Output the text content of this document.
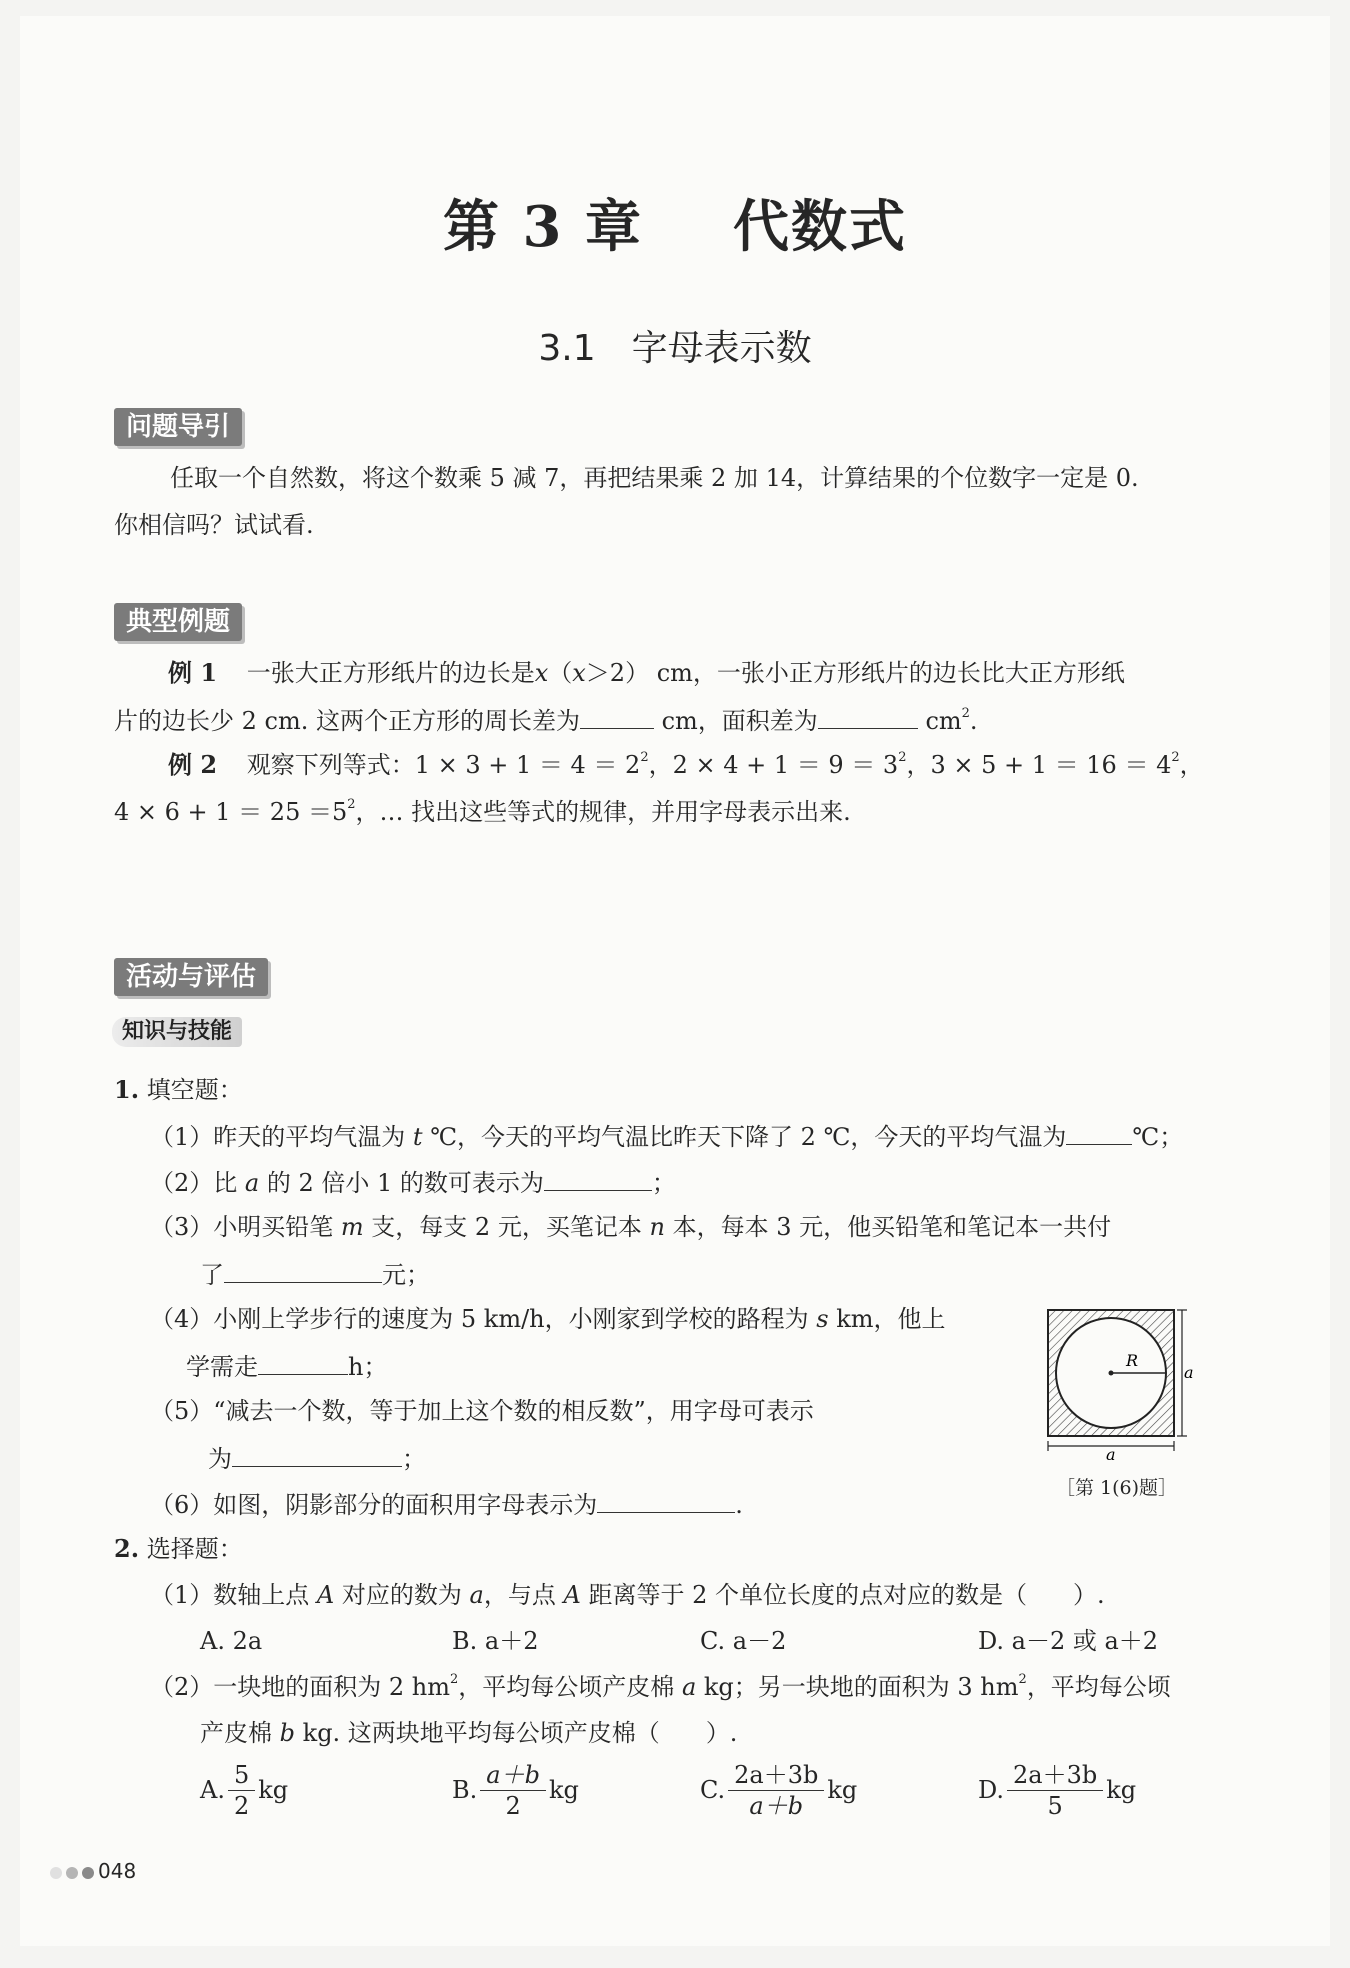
第 3 章 代数式
3.1 字母表示数
问题导引
任取一个自然数，将这个数乘 5 减 7，再把结果乘 2 加 14，计算结果的个位数字一定是 0.
你相信吗？试试看.
典型例题
例 1 一张大正方形纸片的边长是x（x＞2） cm，一张小正方形纸片的边长比大正方形纸
片的边长少 2 cm. 这两个正方形的周长差为	cm，面积差为	$cm^2$.
例 2 观察下列等式：$1 \times 3 + 1 = 4 = 2^2$，$2 \times 4 + 1 = 9 = 3^2$，$3 \times 5 + 1 = 16 = 4^2$，
$4 \times 6 + 1 = 25 =5^2$，… 找出这些等式的规律，并用字母表示出来.
活动与评估
知识与技能
1. 填空题：
（1）昨天的平均气温为 t ℃，今天的平均气温比昨天下降了 2 ℃，今天的平均气温为	℃；
（2）比 a 的 2 倍小 1 的数可表示为	；
（3）小明买铅笔 m 支，每支 2 元，买笔记本 n 本，每本 3 元，他买铅笔和笔记本一共付
了	元；
（4）小刚上学步行的速度为 5 km/h，小刚家到学校的路程为 s km，他上
学需走	h；
（5）“减去一个数，等于加上这个数的相反数”，用字母可表示
为	；
（6）如图，阴影部分的面积用字母表示为	.
R
a
a
［第 1(6)题］
2. 选择题：
（1）数轴上点 A 对应的数为 a，与点 A 距离等于 2 个单位长度的点对应的数是（ ）.
A. 2a	B. a＋2	C. a－2	D. a－2 或 a＋2
（2）一块地的面积为 2 $hm^2$，平均每公顷产皮棉 a kg；另一块地的面积为 3 $hm^2$，平均每公顷
产皮棉 b kg. 这两块地平均每公顷产皮棉（ ）.
A. $\frac{5}{2}$ kg	B. $\frac{a+b}{2}$ kg	C. $\frac{2a+3b}{a+b}$ kg	D. $\frac{2a+3b}{5}$ kg
048
